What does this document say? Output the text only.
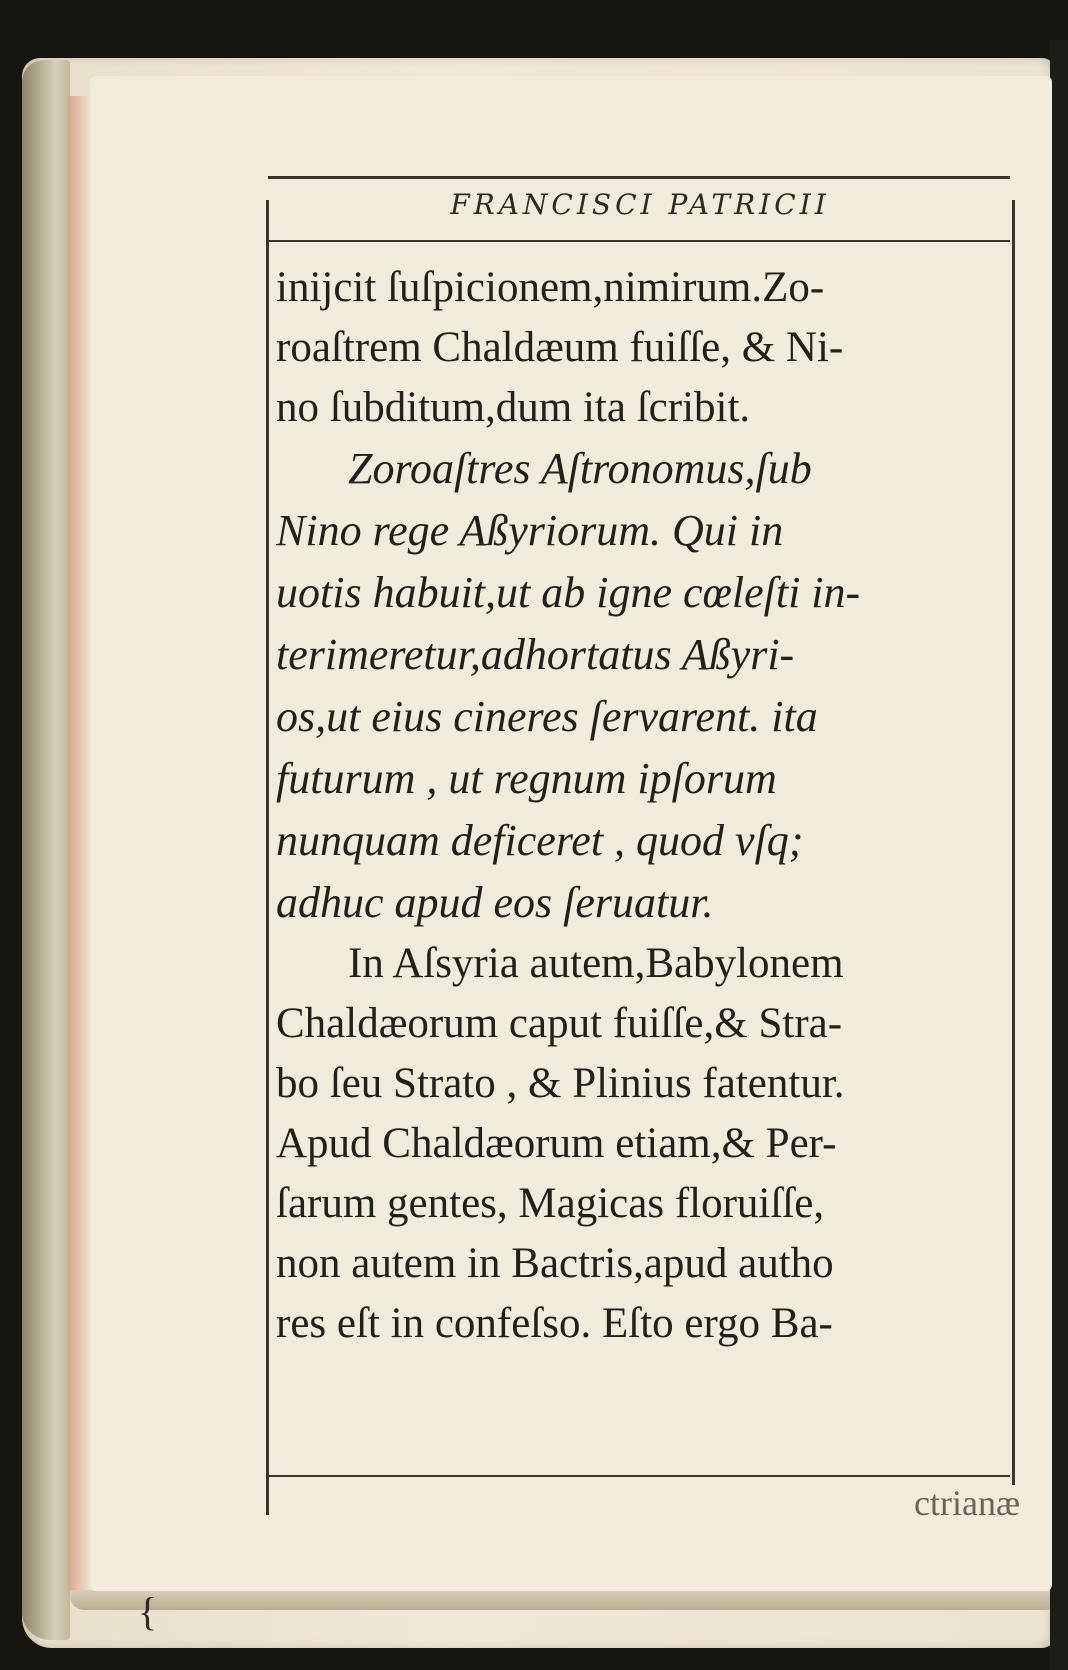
FRANCISCI PATRICII
inijcit ſuſpicionem,nimirum.Zo-
roaſtrem Chaldæum fuiſſe, & Ni-
no ſubditum,dum ita ſcribit.
Zoroaſtres Aſtronomus,ſub
Nino rege Aßyriorum. Qui in
uotis habuit,ut ab igne cœleſti in-
terimeretur,adhortatus Aßyri-
os,ut eius cineres ſervarent. ita
futurum , ut regnum ipſorum
nunquam deficeret , quod vſq;
adhuc apud eos ſeruatur.
In Aſsyria autem,Babylonem
Chaldæorum caput fuiſſe,& Stra-
bo ſeu Strato , & Plinius fatentur.
Apud Chaldæorum etiam,& Per-
ſarum gentes, Magicas floruiſſe,
non autem in Bactris,apud autho
res eſt in confeſso. Eſto ergo Ba-
ctrianæ
{
